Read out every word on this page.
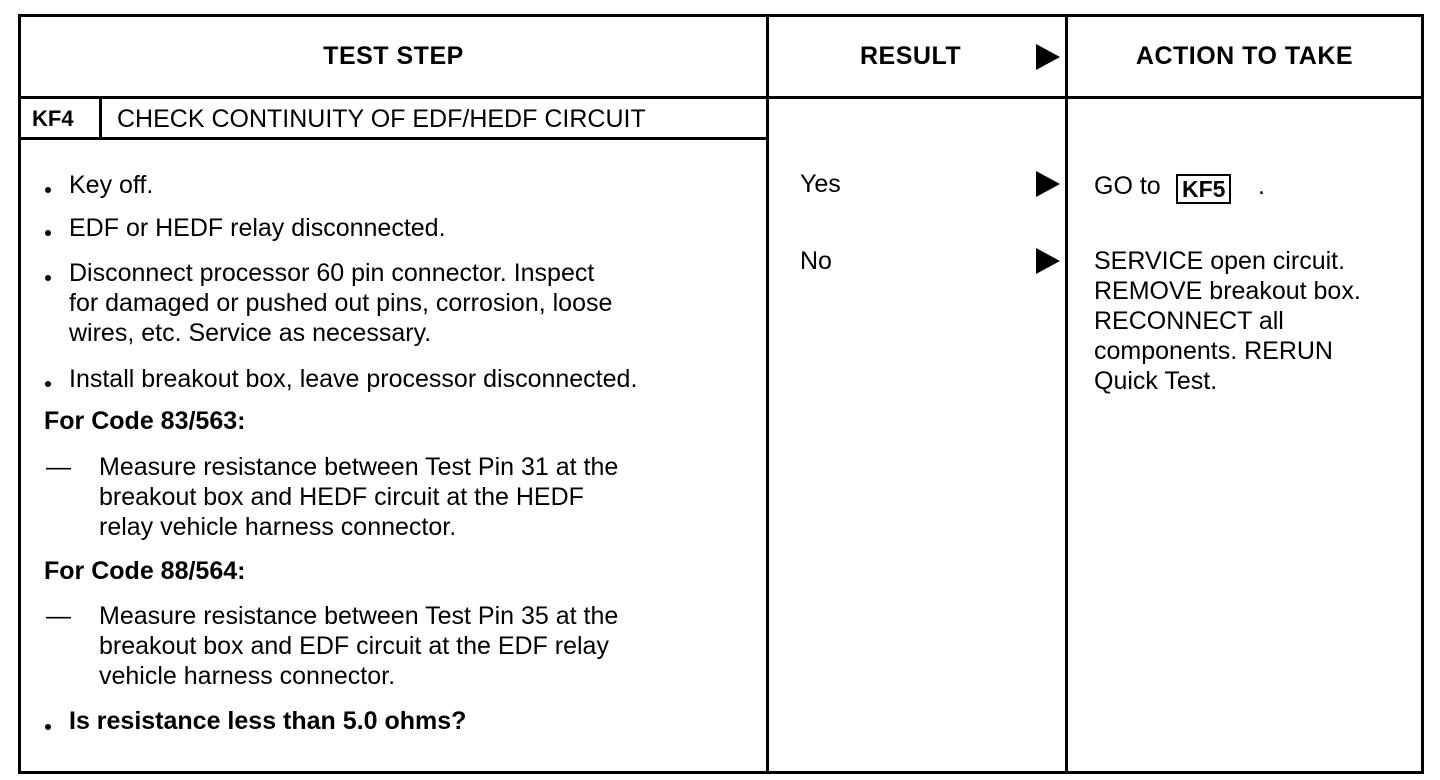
TEST STEP	RESULT	ACTION TO TAKE
KF4 CHECK CONTINUITY OF EDF/HEDF CIRCUIT
Key off.
EDF or HEDF relay disconnected.
Disconnect processor 60 pin connector. Inspect
for damaged or pushed out pins, corrosion, loose
wires, etc. Service as necessary.
Install breakout box, leave processor disconnected.
For Code 83/563:
— Measure resistance between Test Pin 31 at the
breakout box and HEDF circuit at the HEDF
relay vehicle harness connector.
For Code 88/564:
— Measure resistance between Test Pin 35 at the
breakout box and EDF circuit at the EDF relay
vehicle harness connector.
Is resistance less than 5.0 ohms?
Yes
No
GO to KF5 .
SERVICE open circuit.
REMOVE breakout box.
RECONNECT all
components. RERUN
Quick Test.
